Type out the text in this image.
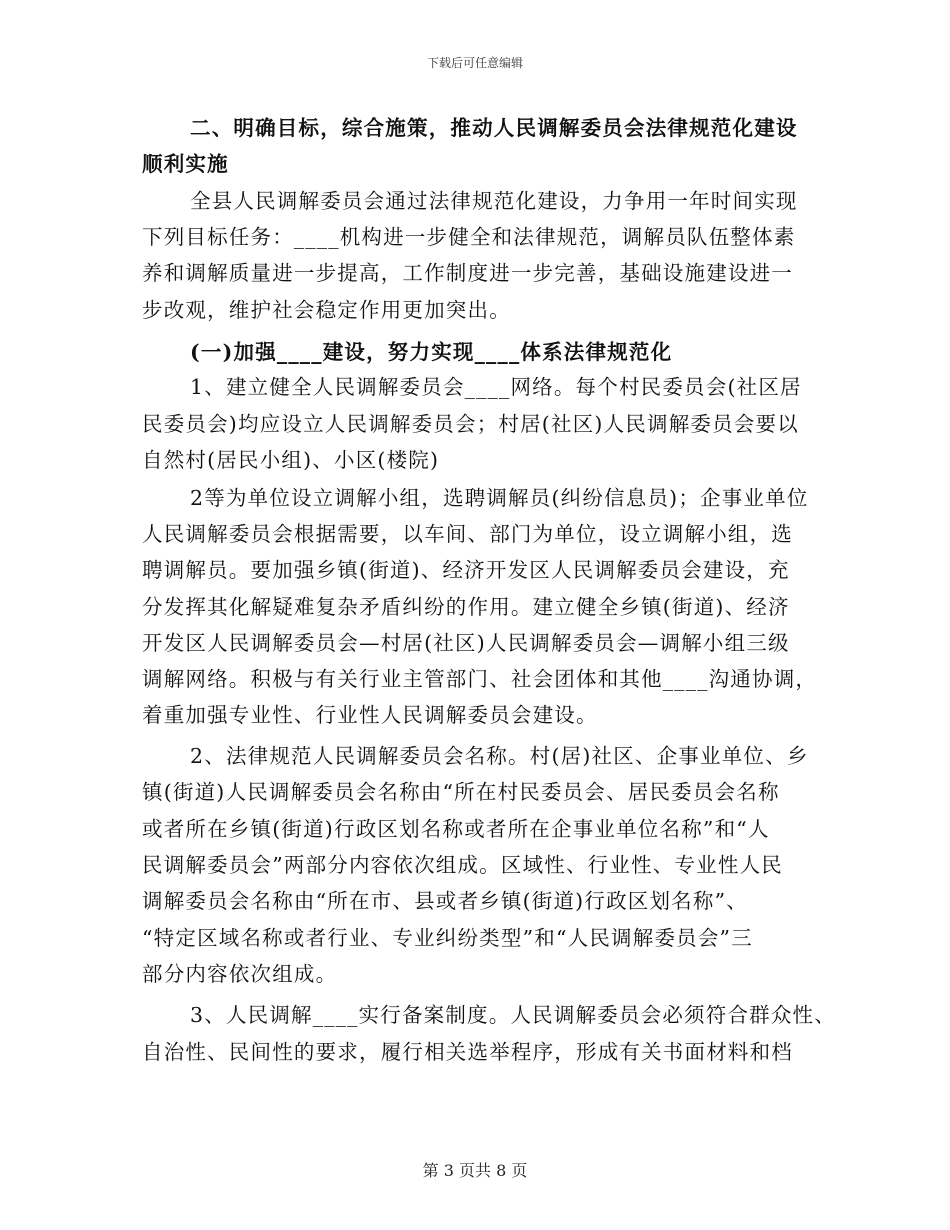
下载后可任意编辑
二、明确目标，综合施策，推动人民调解委员会法律规范化建设
顺利实施
全县人民调解委员会通过法律规范化建设，力争用一年时间实现
下列目标任务：____机构进一步健全和法律规范，调解员队伍整体素
养和调解质量进一步提高，工作制度进一步完善，基础设施建设进一
步改观，维护社会稳定作用更加突出。
(一)加强____建设，努力实现____体系法律规范化
1、建立健全人民调解委员会____网络。每个村民委员会(社区居
民委员会)均应设立人民调解委员会；村居(社区)人民调解委员会要以
自然村(居民小组)、小区(楼院)
2等为单位设立调解小组，选聘调解员(纠纷信息员)；企事业单位
人民调解委员会根据需要，以车间、部门为单位，设立调解小组，选
聘调解员。要加强乡镇(街道)、经济开发区人民调解委员会建设，充
分发挥其化解疑难复杂矛盾纠纷的作用。建立健全乡镇(街道)、经济
开发区人民调解委员会—村居(社区)人民调解委员会—调解小组三级
调解网络。积极与有关行业主管部门、社会团体和其他____沟通协调，
着重加强专业性、行业性人民调解委员会建设。
2、法律规范人民调解委员会名称。村(居)社区、企事业单位、乡
镇(街道)人民调解委员会名称由“所在村民委员会、居民委员会名称
或者所在乡镇(街道)行政区划名称或者所在企事业单位名称”和“人
民调解委员会”两部分内容依次组成。区域性、行业性、专业性人民
调解委员会名称由“所在市、县或者乡镇(街道)行政区划名称”、
“特定区域名称或者行业、专业纠纷类型”和“人民调解委员会”三
部分内容依次组成。
3、人民调解____实行备案制度。人民调解委员会必须符合群众性、
自治性、民间性的要求，履行相关选举程序，形成有关书面材料和档
第 3 页共 8 页
